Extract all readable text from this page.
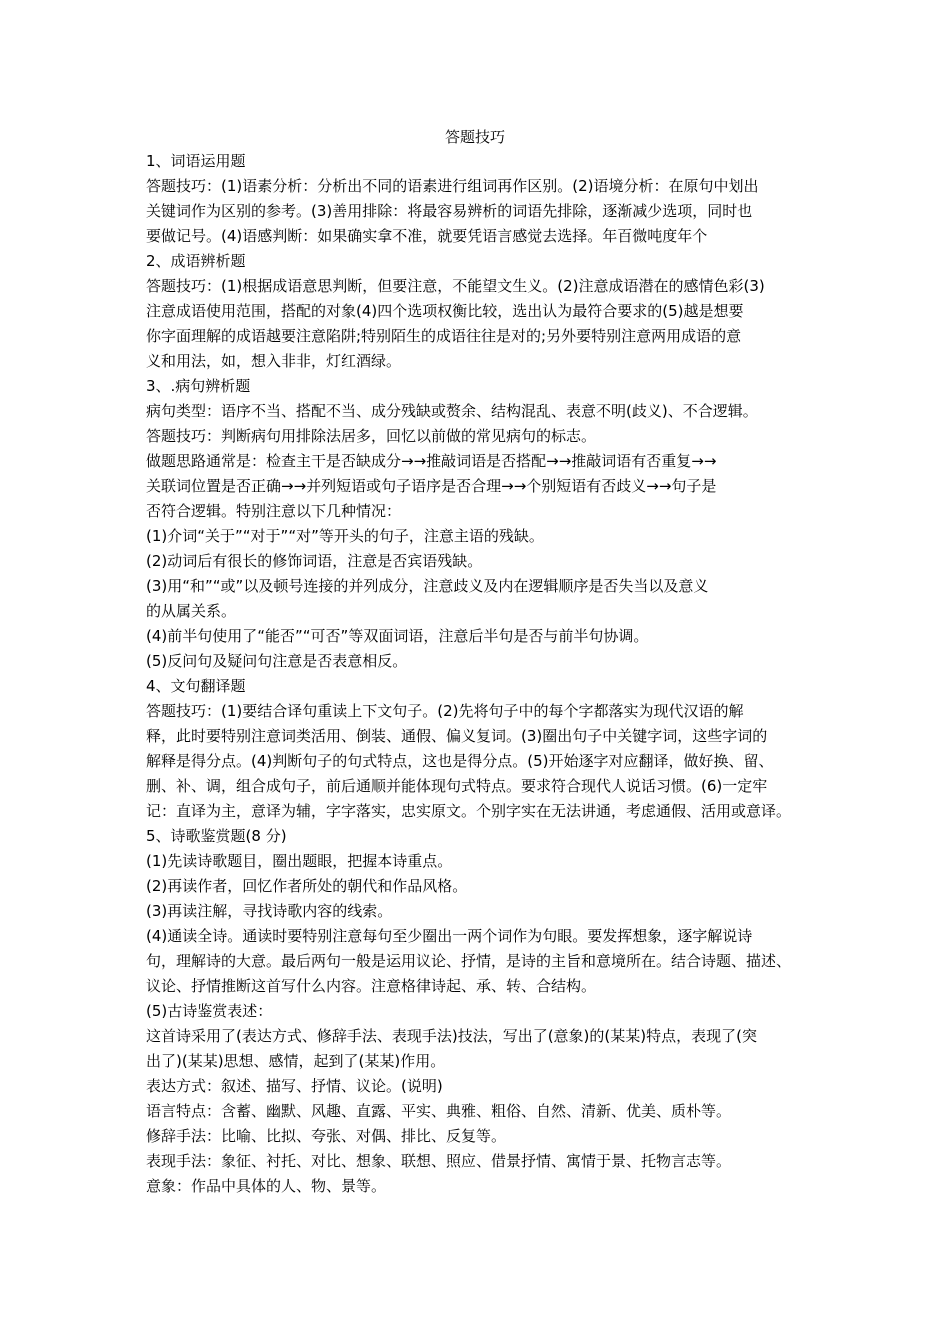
答题技巧
1、词语运用题
答题技巧：(1)语素分析：分析出不同的语素进行组词再作区别。(2)语境分析：在原句中划出
关键词作为区别的参考。(3)善用排除：将最容易辨析的词语先排除，逐渐减少选项，同时也
要做记号。(4)语感判断：如果确实拿不准，就要凭语言感觉去选择。年百微吨度年个
2、成语辨析题
答题技巧：(1)根据成语意思判断，但要注意，不能望文生义。(2)注意成语潜在的感情色彩(3)
注意成语使用范围，搭配的对象(4)四个选项权衡比较，选出认为最符合要求的(5)越是想要
你字面理解的成语越要注意陷阱;特别陌生的成语往往是对的;另外要特别注意两用成语的意
义和用法，如，想入非非，灯红酒绿。
3、.病句辨析题
病句类型：语序不当、搭配不当、成分残缺或赘余、结构混乱、表意不明(歧义)、不合逻辑。
答题技巧：判断病句用排除法居多，回忆以前做的常见病句的标志。
做题思路通常是：检查主干是否缺成分→→推敲词语是否搭配→→推敲词语有否重复→→
关联词位置是否正确→→并列短语或句子语序是否合理→→个别短语有否歧义→→句子是
否符合逻辑。特别注意以下几种情况：
(1)介词“关于”“对于”“对”等开头的句子，注意主语的残缺。
(2)动词后有很长的修饰词语，注意是否宾语残缺。
(3)用“和”“或”以及顿号连接的并列成分，注意歧义及内在逻辑顺序是否失当以及意义
的从属关系。
(4)前半句使用了“能否”“可否”等双面词语，注意后半句是否与前半句协调。
(5)反问句及疑问句注意是否表意相反。
4、文句翻译题
答题技巧：(1)要结合译句重读上下文句子。(2)先将句子中的每个字都落实为现代汉语的解
释，此时要特别注意词类活用、倒装、通假、偏义复词。(3)圈出句子中关键字词，这些字词的
解释是得分点。(4)判断句子的句式特点，这也是得分点。(5)开始逐字对应翻译，做好换、留、
删、补、调，组合成句子，前后通顺并能体现句式特点。要求符合现代人说话习惯。(6)一定牢
记：直译为主，意译为辅，字字落实，忠实原文。个别字实在无法讲通，考虑通假、活用或意译。
5、诗歌鉴赏题(8 分)
(1)先读诗歌题目，圈出题眼，把握本诗重点。
(2)再读作者，回忆作者所处的朝代和作品风格。
(3)再读注解，寻找诗歌内容的线索。
(4)通读全诗。通读时要特别注意每句至少圈出一两个词作为句眼。要发挥想象，逐字解说诗
句，理解诗的大意。最后两句一般是运用议论、抒情，是诗的主旨和意境所在。结合诗题、描述、
议论、抒情推断这首写什么内容。注意格律诗起、承、转、合结构。
(5)古诗鉴赏表述：
这首诗采用了(表达方式、修辞手法、表现手法)技法，写出了(意象)的(某某)特点，表现了(突
出了)(某某)思想、感情，起到了(某某)作用。
表达方式：叙述、描写、抒情、议论。(说明)
语言特点：含蓄、幽默、风趣、直露、平实、典雅、粗俗、自然、清新、优美、质朴等。
修辞手法：比喻、比拟、夸张、对偶、排比、反复等。
表现手法：象征、衬托、对比、想象、联想、照应、借景抒情、寓情于景、托物言志等。
意象：作品中具体的人、物、景等。
